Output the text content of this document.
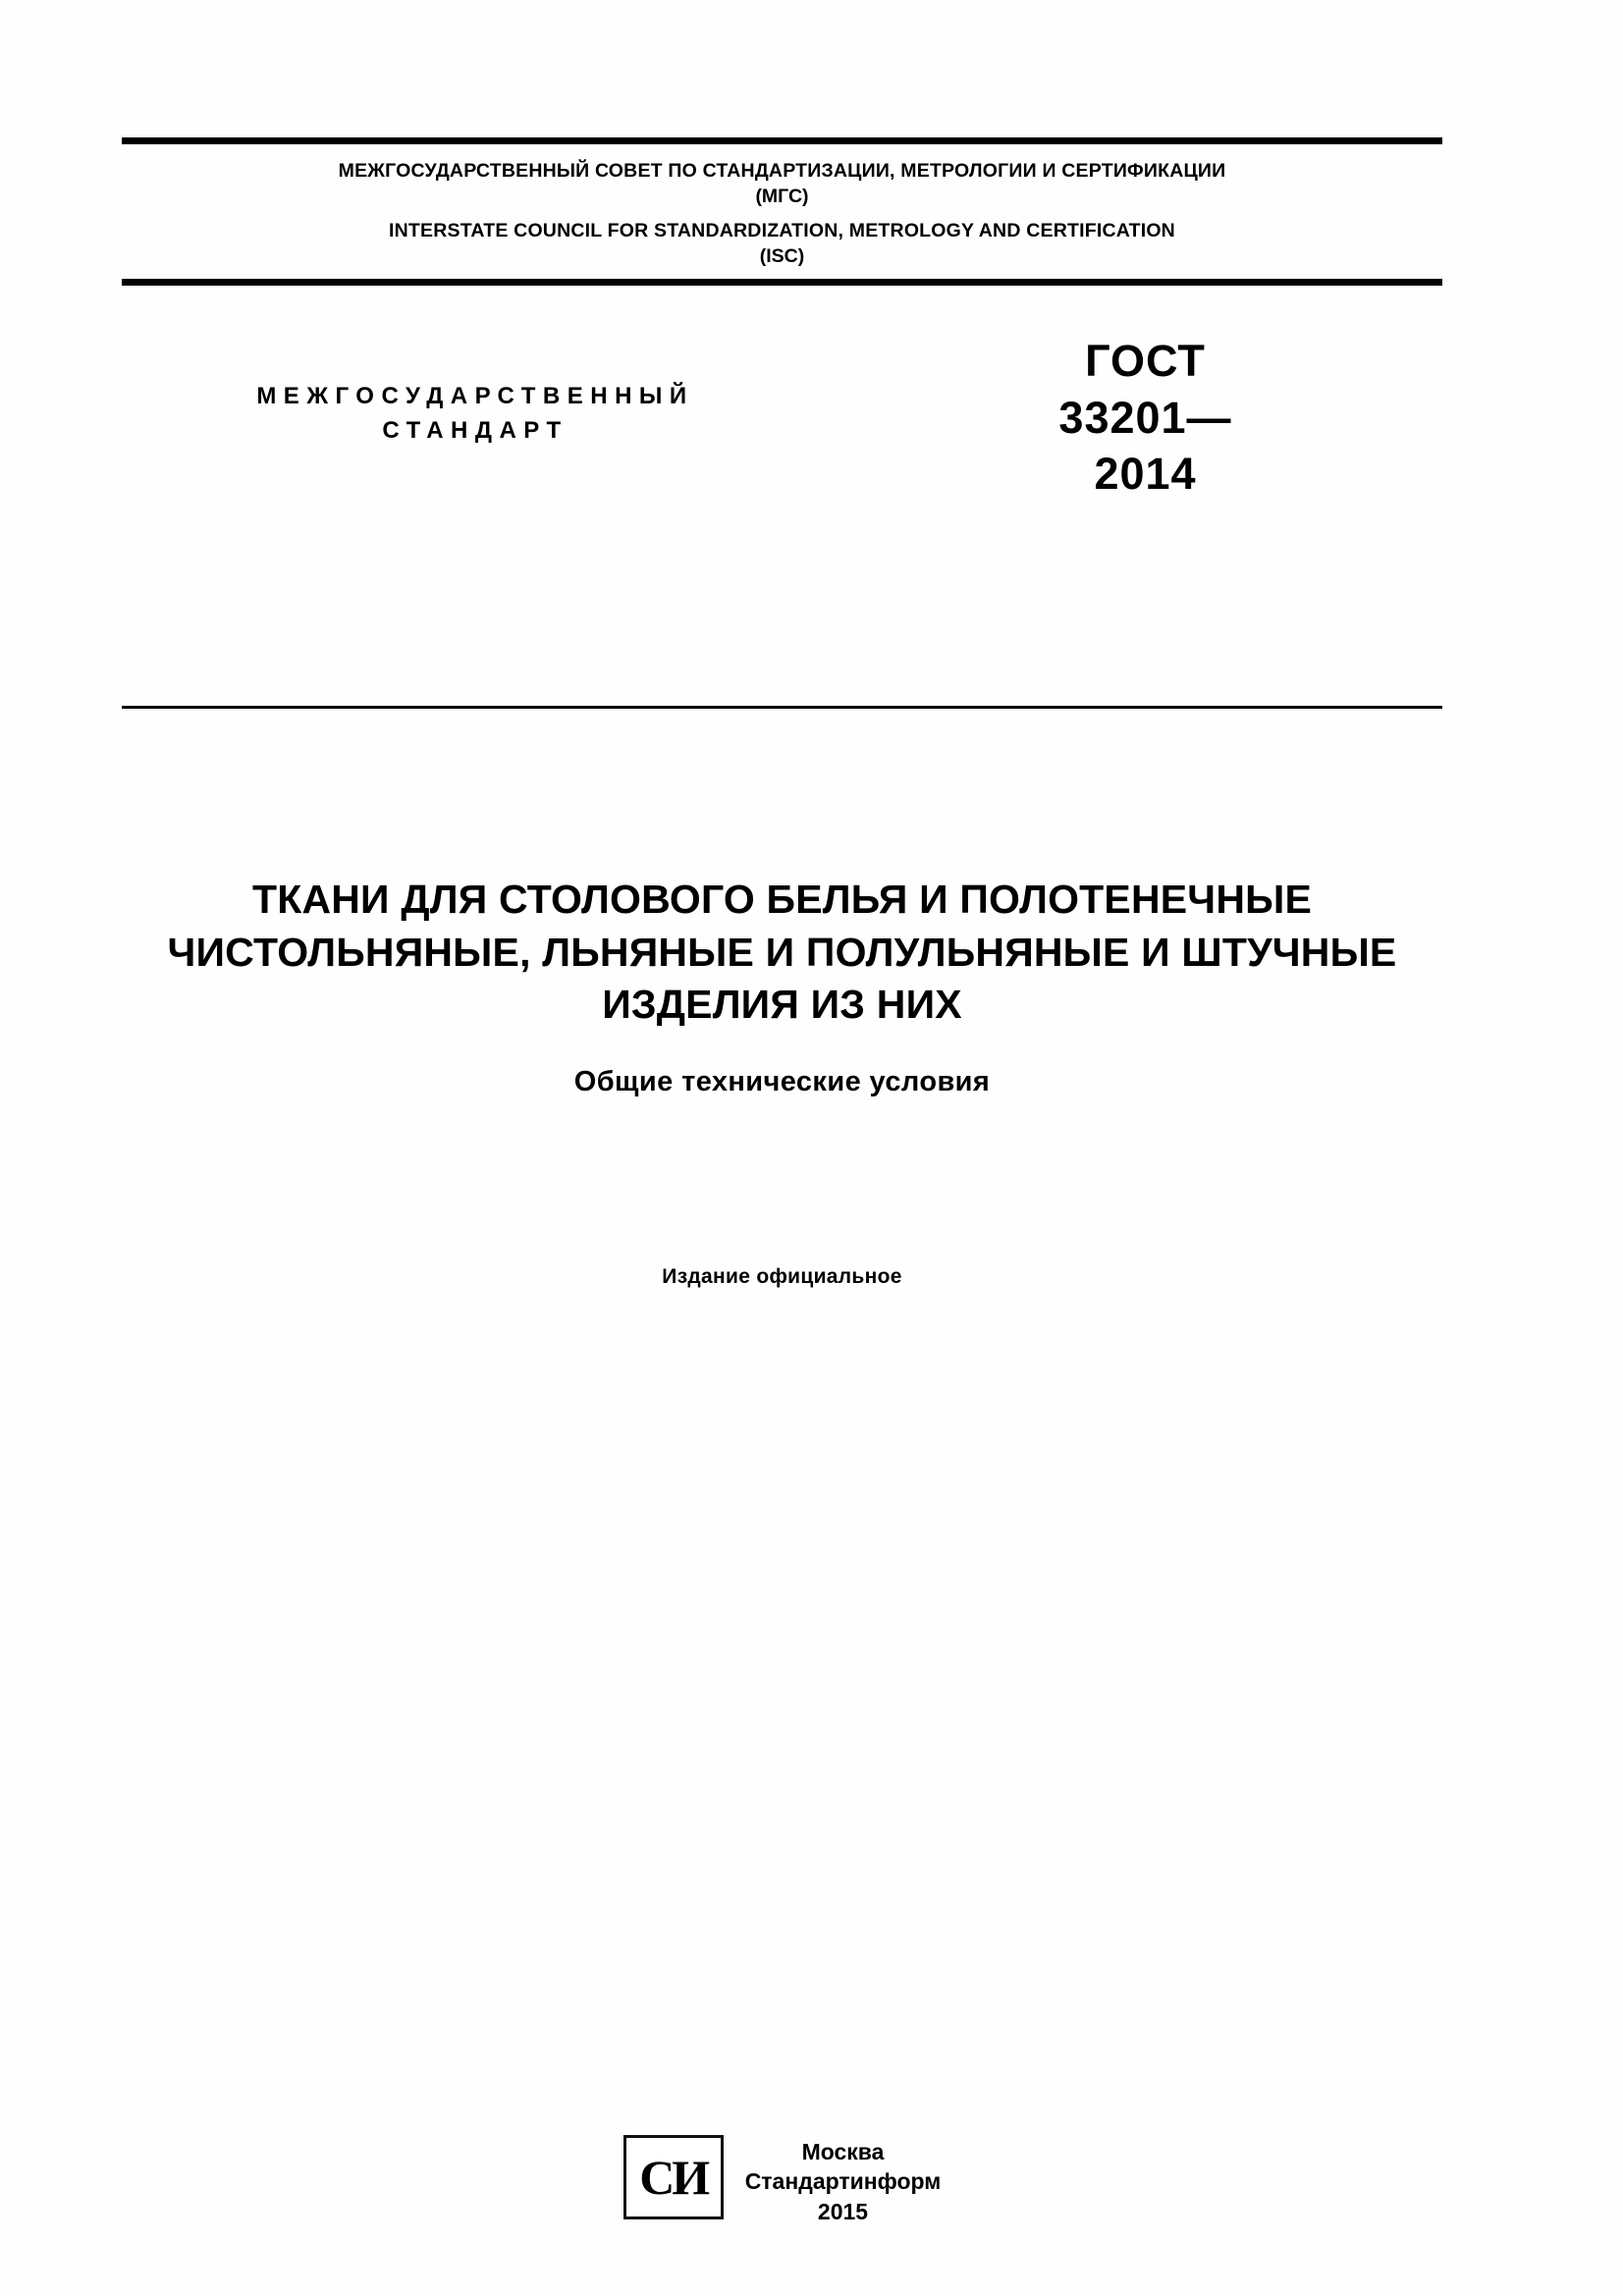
МЕЖГОСУДАРСТВЕННЫЙ СОВЕТ ПО СТАНДАРТИЗАЦИИ, МЕТРОЛОГИИ И СЕРТИФИКАЦИИ
(МГС)
INTERSTATE COUNCIL FOR STANDARDIZATION, METROLOGY AND CERTIFICATION
(ISC)
МЕЖГОСУДАРСТВЕННЫЙ
СТАНДАРТ
ГОСТ
33201—
2014
ТКАНИ ДЛЯ СТОЛОВОГО БЕЛЬЯ И ПОЛОТЕНЕЧНЫЕ ЧИСТОЛЬНЯНЫЕ, ЛЬНЯНЫЕ И ПОЛУЛЬНЯНЫЕ И ШТУЧНЫЕ ИЗДЕЛИЯ ИЗ НИХ
Общие технические условия
Издание официальное
СИ	Москва
Стандартинформ
2015
